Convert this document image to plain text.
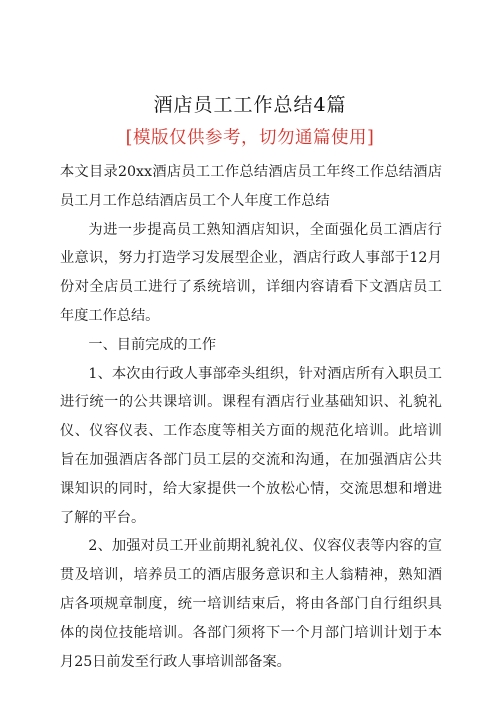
酒店员工工作总结4篇
[模版仅供参考，切勿通篇使用]

本文目录20xx酒店员工工作总结酒店员工年终工作总结酒店员工月工作总结酒店员工个人年度工作总结

为进一步提高员工熟知酒店知识，全面强化员工酒店行业意识，努力打造学习发展型企业，酒店行政人事部于12月份对全店员工进行了系统培训，详细内容请看下文酒店员工年度工作总结。

一、目前完成的工作

1、本次由行政人事部牵头组织，针对酒店所有入职员工进行统一的公共课培训。课程有酒店行业基础知识、礼貌礼仪、仪容仪表、工作态度等相关方面的规范化培训。此培训旨在加强酒店各部门员工层的交流和沟通，在加强酒店公共课知识的同时，给大家提供一个放松心情，交流思想和增进了解的平台。

2、加强对员工开业前期礼貌礼仪、仪容仪表等内容的宣贯及培训，培养员工的酒店服务意识和主人翁精神，熟知酒店各项规章制度，统一培训结束后，将由各部门自行组织具体的岗位技能培训。各部门须将下一个月部门培训计划于本月25日前发至行政人事培训部备案。
